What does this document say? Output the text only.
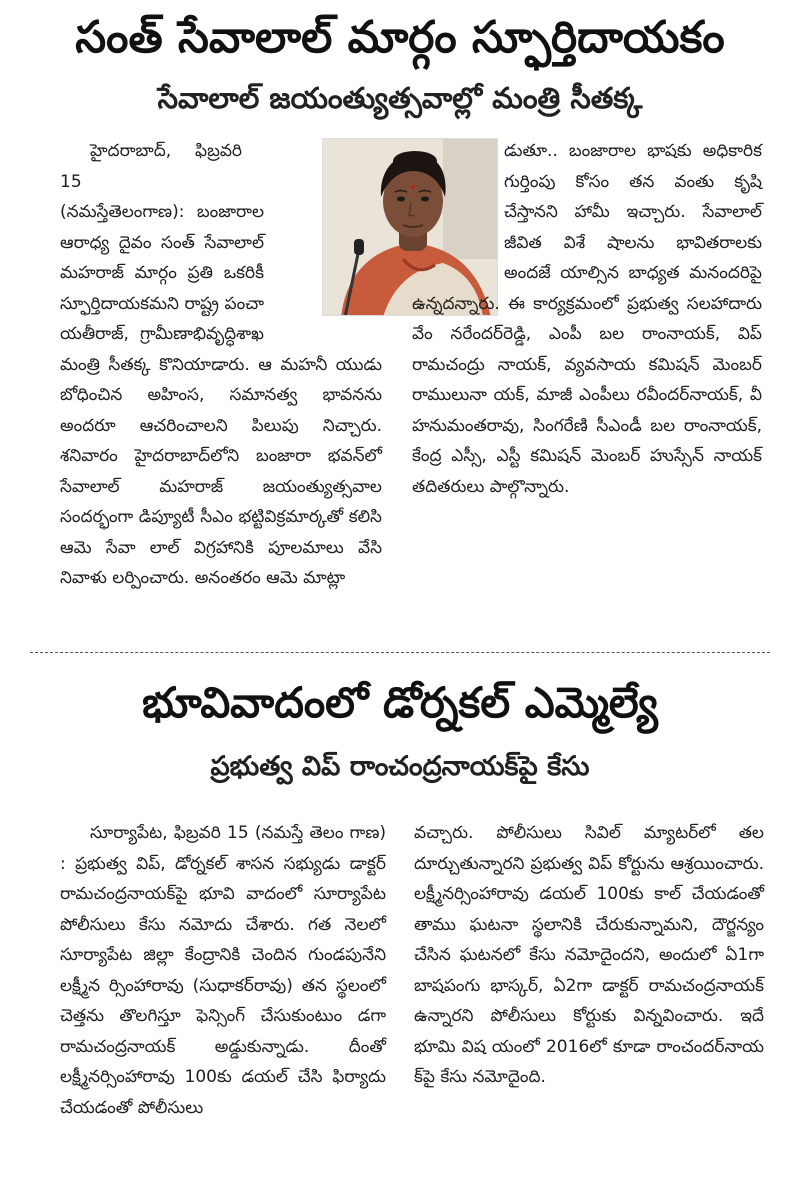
సంత్ సేవాలాల్ మార్గం స్ఫూర్తిదాయకం
సేవాలాల్ జయంత్యుత్సవాల్లో మంత్రి సీతక్క

హైదరాబాద్, ఫిబ్రవరి 15

(నమస్తేతెలంగాణ): బంజారాల ఆరాధ్య దైవం సంత్ సేవాలాల్ మహరాజ్ మార్గం ప్రతి ఒకరికీ స్ఫూర్తిదాయకమని రాష్ట్ర పంచా యతీరాజ్, గ్రామీణాభివృద్ధిశాఖ మంత్రి సీతక్క కొనియాడారు. ఆ మహనీ యుడు బోధించిన అహింస, సమానత్వ భావనను అందరూ ఆచరించాలని పిలుపు నిచ్చారు. శనివారం హైదరాబాద్‌లోని బంజారా భవన్‌లో సేవాలాల్ మహరాజ్ జయంత్యుత్సవాల సందర్భంగా డిప్యూటీ సీఎం భట్టివిక్రమార్కతో కలిసి ఆమె సేవా లాల్ విగ్రహానికి పూలమాలు వేసి నివాళు లర్పించారు. అనంతరం ఆమె మాట్లా

డుతూ.. బంజారాల భాషకు అధికారిక గుర్తింపు కోసం తన వంతు కృషి చేస్తానని హామీ ఇచ్చారు. సేవాలాల్ జీవిత విశే షాలను భావితరాలకు అందజే యాల్సిన బాధ్యత మనందరిపై ఉన్నదన్నారు. ఈ కార్యక్రమంలో ప్రభుత్వ సలహాదారు వేం నరేందర్‌రెడ్డి, ఎంపీ బల రాంనాయక్, విప్ రామచంద్రు నాయక్, వ్యవసాయ కమిషన్ మెంబర్ రాములునా యక్, మాజీ ఎంపీలు రవీందర్‌నాయక్, వీ హనుమంతరావు, సింగరేణి సీఎండీ బల రాంనాయక్, కేంద్ర ఎస్సీ, ఎస్టీ కమిషన్ మెంబర్ హుస్సేన్ నాయక్ తదితరులు పాల్గొన్నారు.

భూవివాదంలో డోర్నకల్ ఎమ్మెల్యే
ప్రభుత్వ విప్ రాంచంద్రనాయక్‌పై కేసు

సూర్యాపేట, ఫిబ్రవరి 15 (నమస్తే తెలం గాణ) : ప్రభుత్వ విప్, డోర్నకల్ శాసన సభ్యుడు డాక్టర్ రామచంద్రనాయక్‌పై భూవి వాదంలో సూర్యాపేట పోలీసులు కేసు నమోదు చేశారు. గత నెలలో సూర్యాపేట జిల్లా కేంద్రానికి చెందిన గుండపునేని లక్ష్మీన ర్సింహారావు (సుధాకర్‌రావు) తన స్థలంలో చెత్తను తొలగిస్తూ ఫెన్సింగ్ చేసుకుంటుం డగా రామచంద్రనాయక్ అడ్డుకున్నాడు. దీంతో లక్ష్మీనర్సింహారావు 100కు డయల్ చేసి ఫిర్యాదు చేయడంతో పోలీసులు

వచ్చారు. పోలీసులు సివిల్ మ్యాటర్‌లో తల దూర్చుతున్నారని ప్రభుత్వ విప్ కోర్టును ఆశ్రయించారు. లక్ష్మీనర్సింహారావు డయల్ 100కు కాల్ చేయడంతో తాము ఘటనా స్థలానికి చేరుకున్నామని, దౌర్జన్యం చేసిన ఘటనలో కేసు నమోదైందని, అందులో ఏ1గా బాషపంగు భాస్కర్, ఏ2గా డాక్టర్ రామచంద్రనాయక్ ఉన్నారని పోలీసులు కోర్టుకు విన్నవించారు. ఇదే భూమి విష యంలో 2016లో కూడా రాంచందర్‌నాయ క్‌పై కేసు నమోదైంది.
